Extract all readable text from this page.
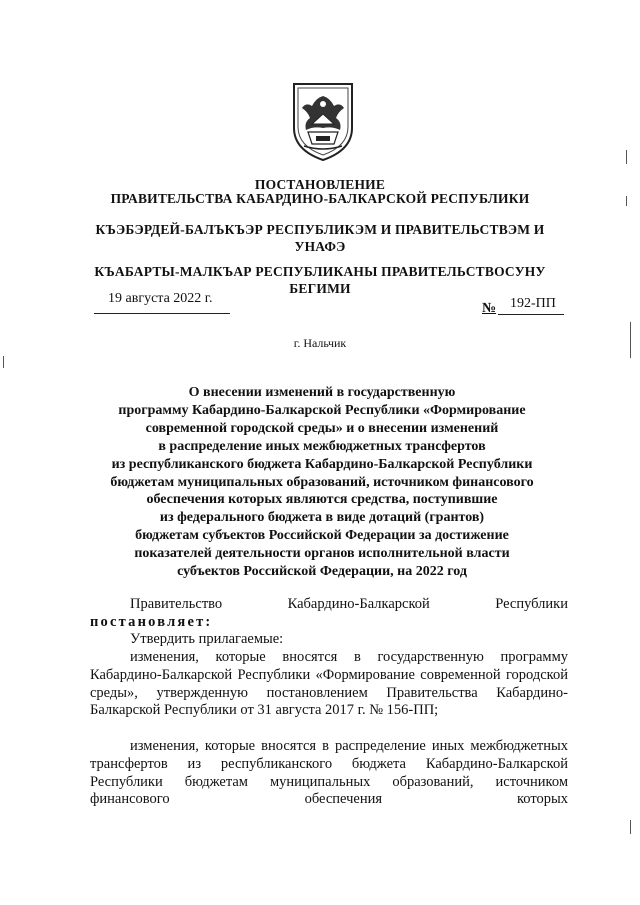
ПОСТАНОВЛЕНИЕ
ПРАВИТЕЛЬСТВА КАБАРДИНО-БАЛКАРСКОЙ РЕСПУБЛИКИ
КЪЭБЭРДЕЙ-БАЛЪКЪЭР РЕСПУБЛИКЭМ И ПРАВИТЕЛЬСТВЭМ И УНАФЭ
КЪАБАРТЫ-МАЛКЪАР РЕСПУБЛИКАНЫ ПРАВИТЕЛЬСТВОСУНУ БЕГИМИ
19 августа 2022 г.
№ 192-ПП
г. Нальчик
О внесении изменений в государственную
программу Кабардино-Балкарской Республики «Формирование
современной городской среды» и о внесении изменений
в распределение иных межбюджетных трансфертов
из республиканского бюджета Кабардино-Балкарской Республики
бюджетам муниципальных образований, источником финансового
обеспечения которых являются средства, поступившие
из федерального бюджета в виде дотаций (грантов)
бюджетам субъектов Российской Федерации за достижение
показателей деятельности органов исполнительной власти
субъектов Российской Федерации, на 2022 год
Правительство Кабардино-Балкарской Республики
постановляет:
Утвердить прилагаемые:
изменения, которые вносятся в государственную программу Кабардино-Балкарской Республики «Формирование современной городской среды», утвержденную постановлением Правительства Кабардино-Балкарской Республики от 31 августа 2017 г. № 156-ПП;
изменения, которые вносятся в распределение иных межбюджетных трансфертов из республиканского бюджета Кабардино-Балкарской Республики бюджетам муниципальных образований, источником финансового обеспечения которых
